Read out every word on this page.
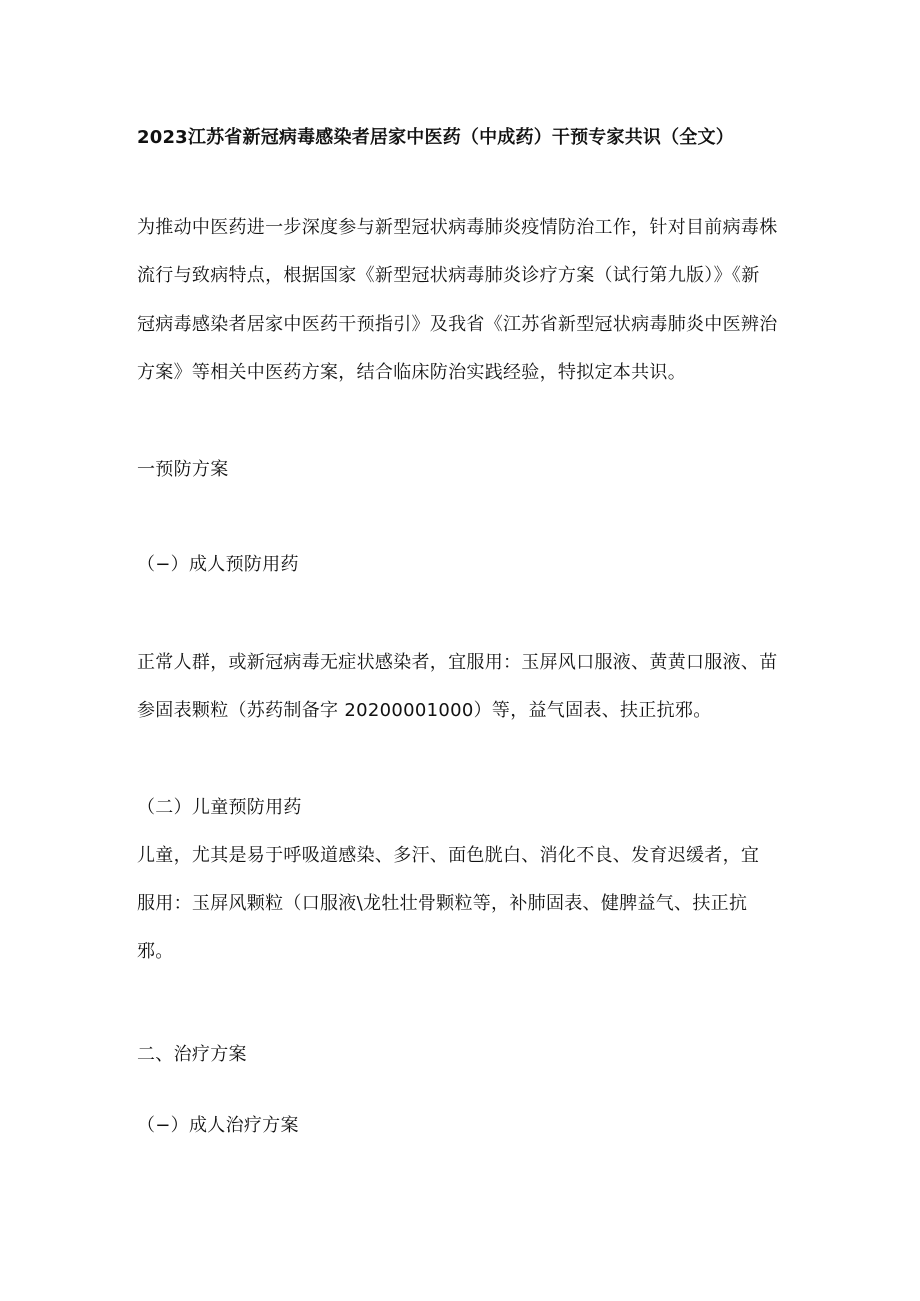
2023江苏省新冠病毒感染者居家中医药（中成药）干预专家共识（全文）
为推动中医药进一步深度参与新型冠状病毒肺炎疫情防治工作，针对目前病毒株
流行与致病特点，根据国家《新型冠状病毒肺炎诊疗方案（试行第九版）》《新
冠病毒感染者居家中医药干预指引》及我省《江苏省新型冠状病毒肺炎中医辨治
方案》等相关中医药方案，结合临床防治实践经验，特拟定本共识。
一预防方案
（−）成人预防用药
正常人群，或新冠病毒无症状感染者，宜服用：玉屏风口服液、黄黄口服液、苗
参固表颗粒（苏药制备字 20200001000）等，益气固表、扶正抗邪。
（二）儿童预防用药
儿童，尤其是易于呼吸道感染、多汗、面色胱白、消化不良、发育迟缓者，宜
服用：玉屏风颗粒（口服液\龙牡壮骨颗粒等，补肺固表、健脾益气、扶正抗
邪。
二、治疗方案
（−）成人治疗方案
